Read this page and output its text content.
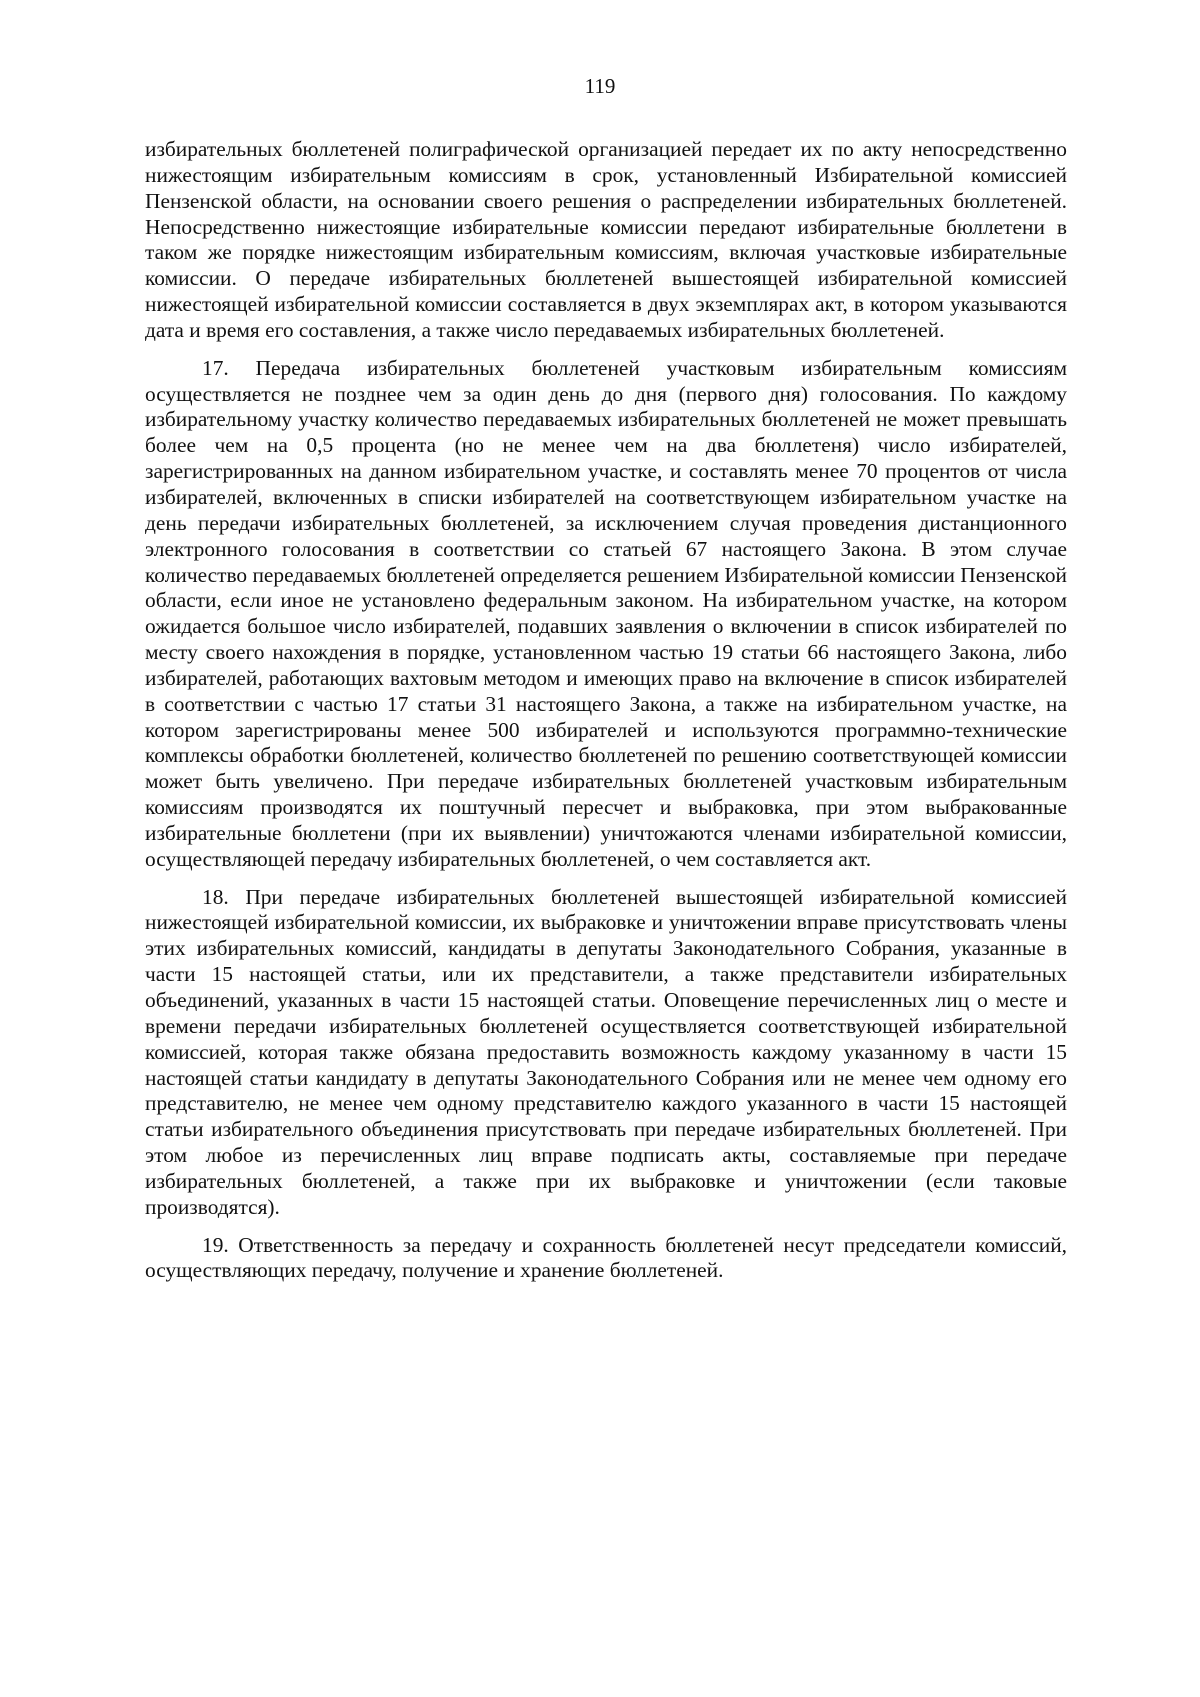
119

избирательных бюллетеней полиграфической организацией передает их по акту непосредственно нижестоящим избирательным комиссиям в срок, установленный Избирательной комиссией Пензенской области, на основании своего решения о распределении избирательных бюллетеней. Непосредственно нижестоящие избирательные комиссии передают избирательные бюллетени в таком же порядке нижестоящим избирательным комиссиям, включая участковые избирательные комиссии. О передаче избирательных бюллетеней вышестоящей избирательной комиссией нижестоящей избирательной комиссии составляется в двух экземплярах акт, в котором указываются дата и время его составления, а также число передаваемых избирательных бюллетеней.

17. Передача избирательных бюллетеней участковым избирательным комиссиям осуществляется не позднее чем за один день до дня (первого дня) голосования. По каждому избирательному участку количество передаваемых избирательных бюллетеней не может превышать более чем на 0,5 процента (но не менее чем на два бюллетеня) число избирателей, зарегистрированных на данном избирательном участке, и составлять менее 70 процентов от числа избирателей, включенных в списки избирателей на соответствующем избирательном участке на день передачи избирательных бюллетеней, за исключением случая проведения дистанционного электронного голосования в соответствии со статьей 67 настоящего Закона. В этом случае количество передаваемых бюллетеней определяется решением Избирательной комиссии Пензенской области, если иное не установлено федеральным законом. На избирательном участке, на котором ожидается большое число избирателей, подавших заявления о включении в список избирателей по месту своего нахождения в порядке, установленном частью 19 статьи 66 настоящего Закона, либо избирателей, работающих вахтовым методом и имеющих право на включение в список избирателей в соответствии с частью 17 статьи 31 настоящего Закона, а также на избирательном участке, на котором зарегистрированы менее 500 избирателей и используются программно-технические комплексы обработки бюллетеней, количество бюллетеней по решению соответствующей комиссии может быть увеличено. При передаче избирательных бюллетеней участковым избирательным комиссиям производятся их поштучный пересчет и выбраковка, при этом выбракованные избирательные бюллетени (при их выявлении) уничтожаются членами избирательной комиссии, осуществляющей передачу избирательных бюллетеней, о чем составляется акт.

18. При передаче избирательных бюллетеней вышестоящей избирательной комиссией нижестоящей избирательной комиссии, их выбраковке и уничтожении вправе присутствовать члены этих избирательных комиссий, кандидаты в депутаты Законодательного Собрания, указанные в части 15 настоящей статьи, или их представители, а также представители избирательных объединений, указанных в части 15 настоящей статьи. Оповещение перечисленных лиц о месте и времени передачи избирательных бюллетеней осуществляется соответствующей избирательной комиссией, которая также обязана предоставить возможность каждому указанному в части 15 настоящей статьи кандидату в депутаты Законодательного Собрания или не менее чем одному его представителю, не менее чем одному представителю каждого указанного в части 15 настоящей статьи избирательного объединения присутствовать при передаче избирательных бюллетеней. При этом любое из перечисленных лиц вправе подписать акты, составляемые при передаче избирательных бюллетеней, а также при их выбраковке и уничтожении (если таковые производятся).

19. Ответственность за передачу и сохранность бюллетеней несут председатели комиссий, осуществляющих передачу, получение и хранение бюллетеней.
